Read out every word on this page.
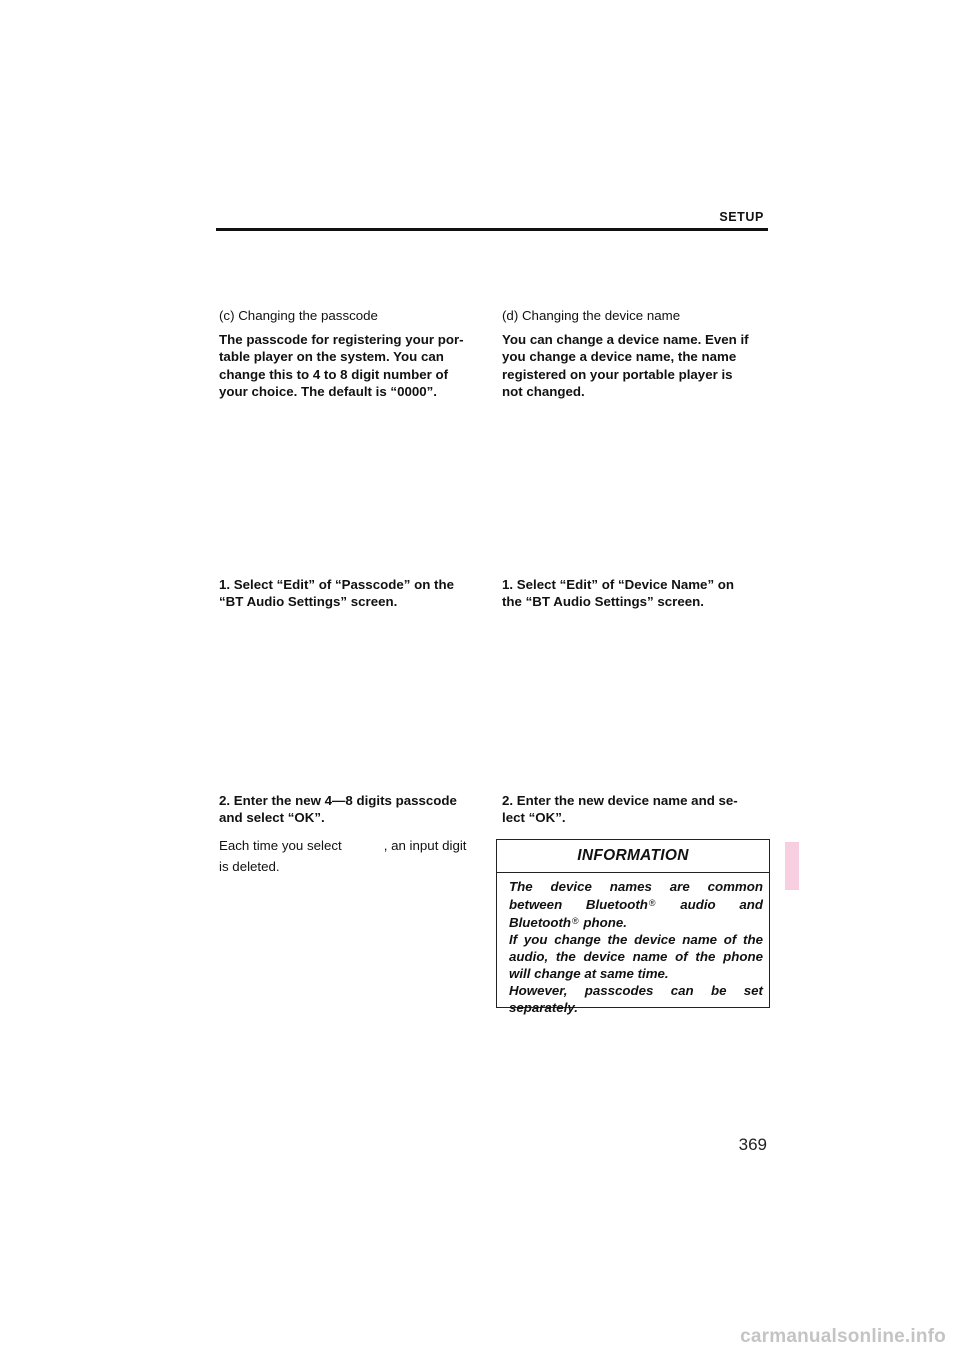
SETUP

(c) Changing the passcode

The passcode for registering your por-
table player on the system. You can
change this to 4 to 8 digit number of
your choice. The default is “0000”.

1. Select “Edit” of “Passcode” on the
“BT Audio Settings” screen.

2. Enter the new 4—8 digits passcode
and select “OK”.

Each time you select	, an input digit
is deleted.

(d) Changing the device name

You can change a device name. Even if
you change a device name, the name
registered on your portable player is
not changed.

1. Select “Edit” of “Device Name” on
the “BT Audio Settings” screen.

2. Enter the new device name and se-
lect “OK”.

INFORMATION

The device names are common
between Bluetooth® audio and
Bluetooth® phone.
If you change the device name of the
audio, the device name of the phone
will change at same time.
However, passcodes can be set
separately.

369
carmanualsonline.info
